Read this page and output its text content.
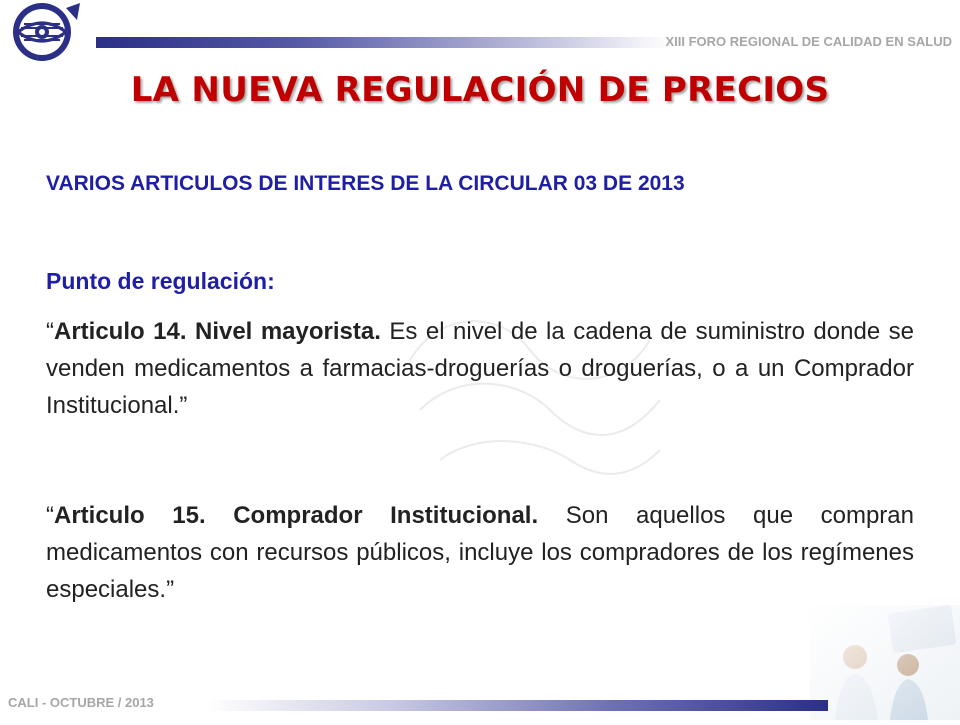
XIII FORO REGIONAL DE CALIDAD EN SALUD
LA NUEVA REGULACIÓN DE PRECIOS
VARIOS ARTICULOS DE INTERES DE LA CIRCULAR 03 DE 2013
Punto de regulación:
“Articulo 14. Nivel mayorista. Es el nivel de la cadena de suministro donde se venden medicamentos a farmacias-droguerías o droguerías, o a un Comprador Institucional.”
“Articulo 15. Comprador Institucional. Son aquellos que compran medicamentos con recursos públicos, incluye los compradores de los regímenes especiales.”
CALI - OCTUBRE / 2013
